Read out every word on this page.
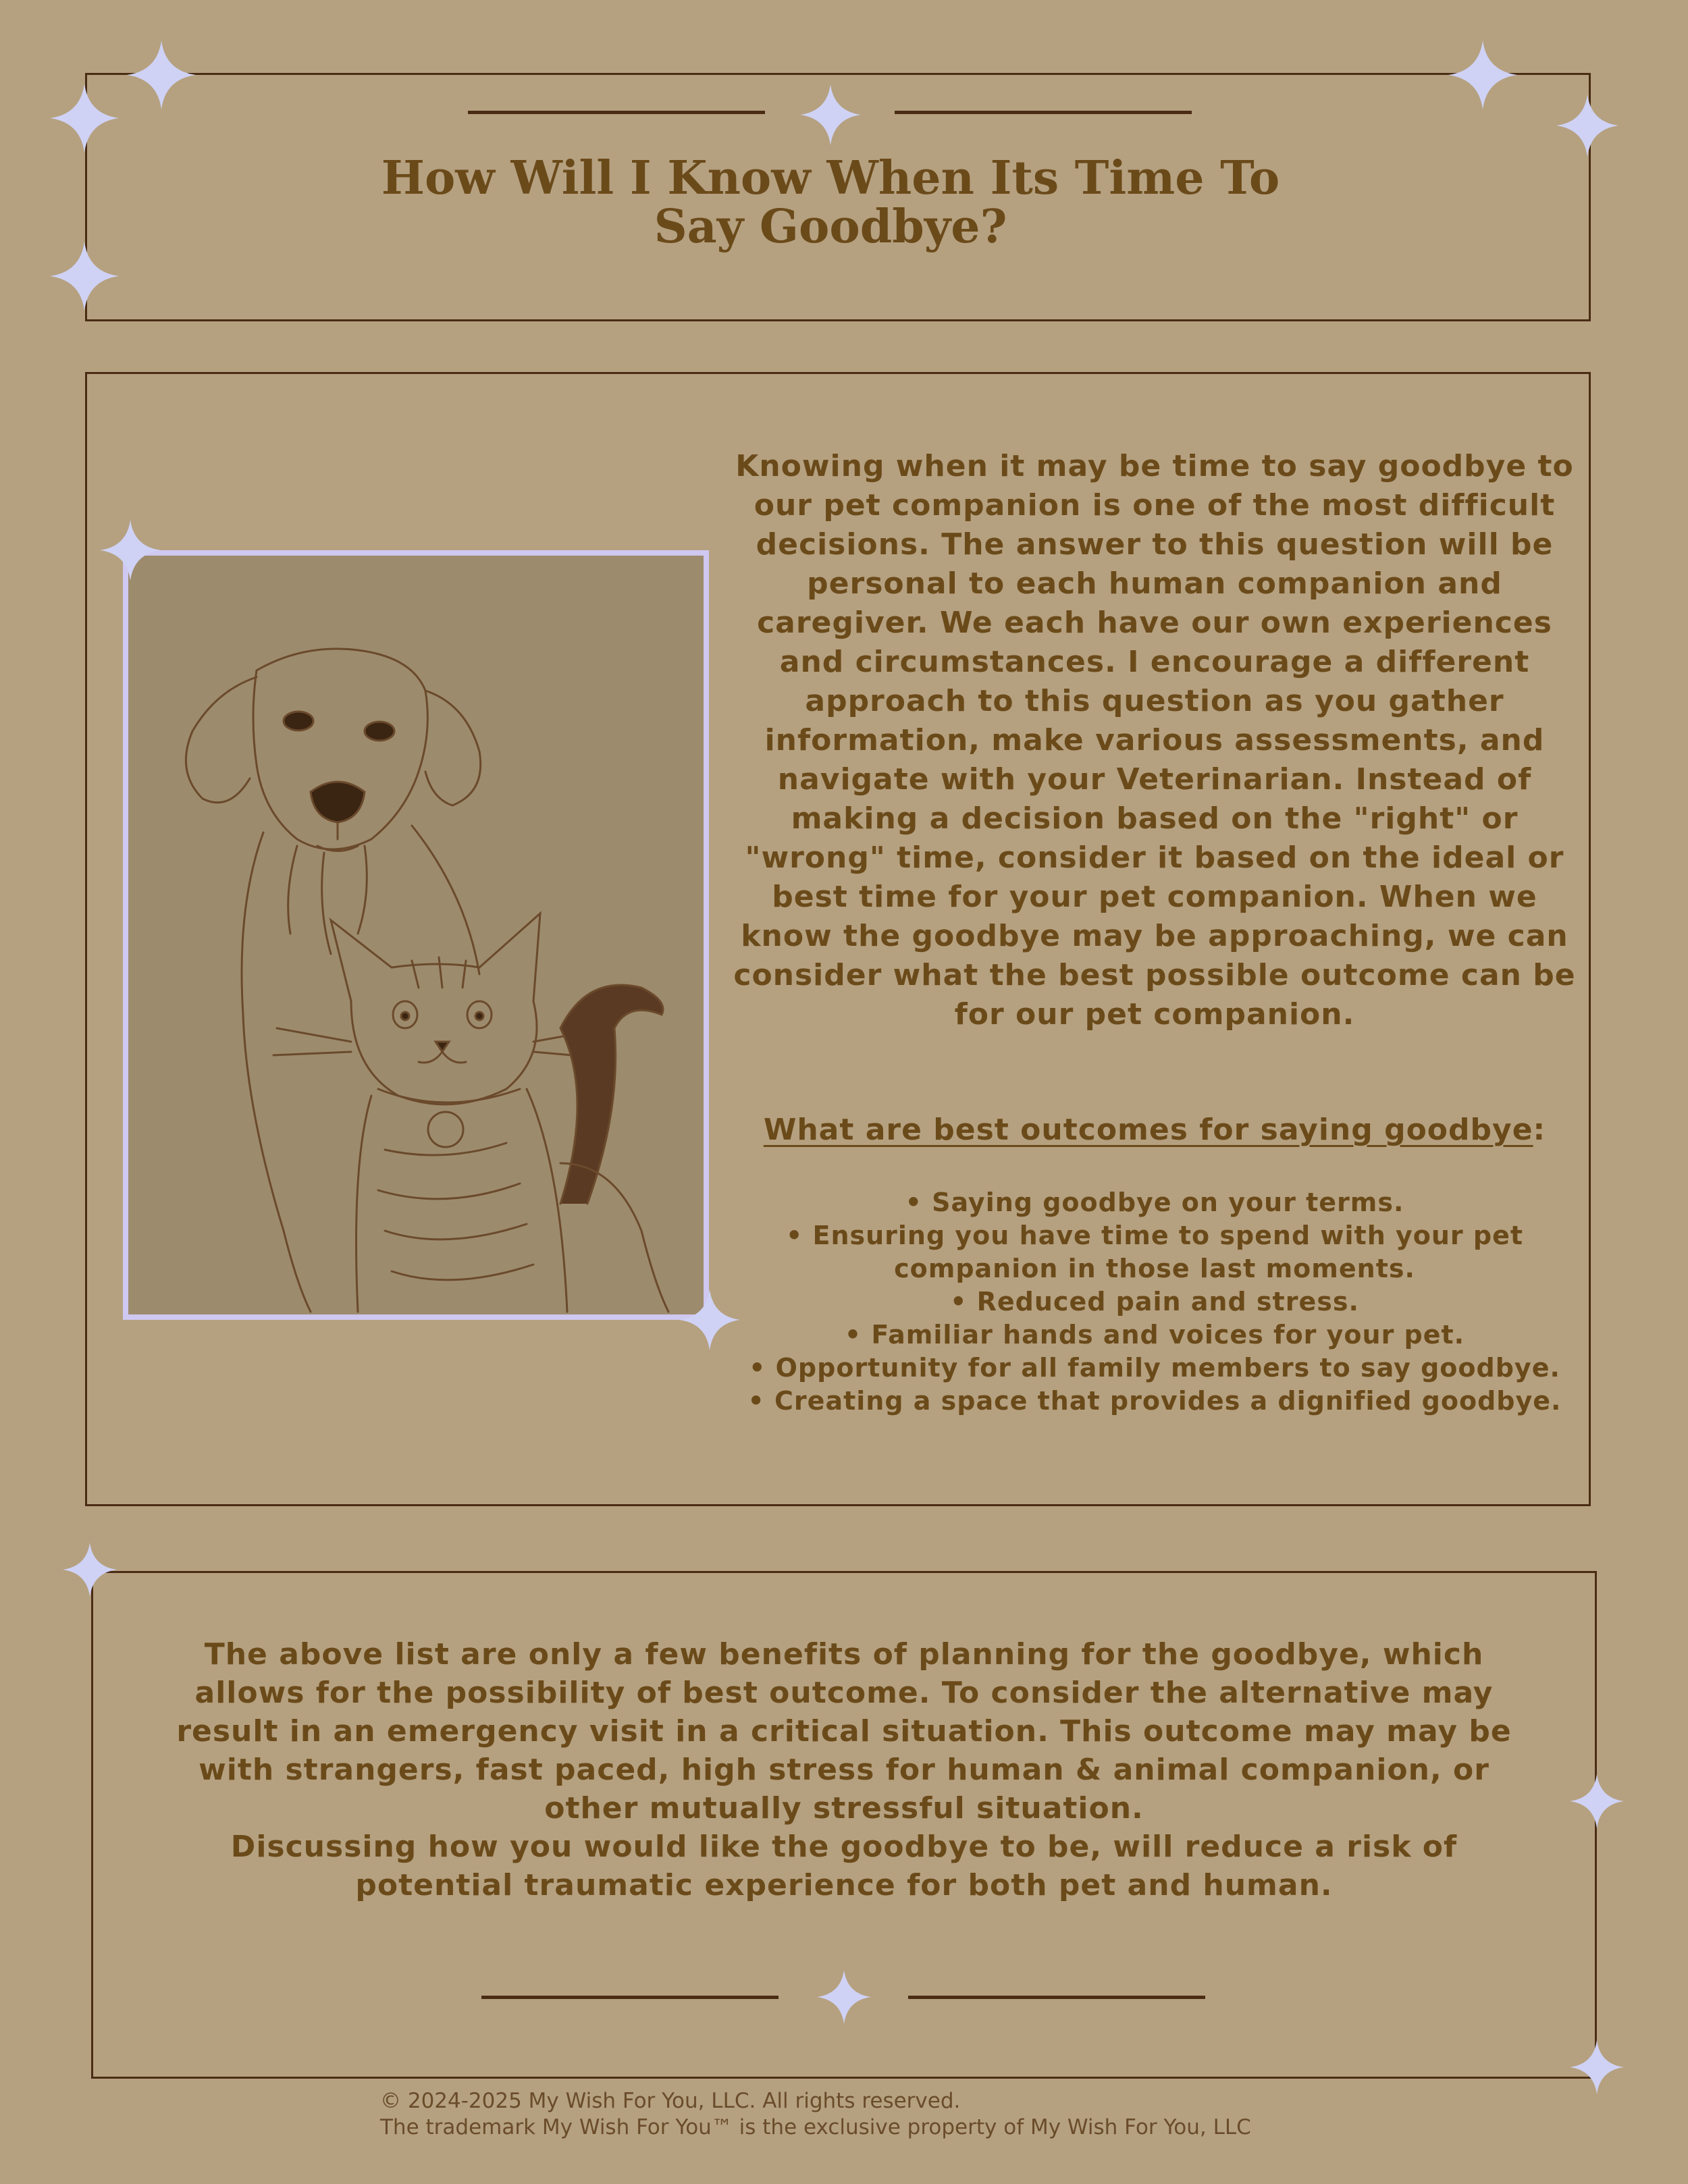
How Will I Know When Its Time To
Say Goodbye?

Knowing when it may be time to say goodbye to our pet companion is one of the most difficult decisions. The answer to this question will be personal to each human companion and caregiver. We each have our own experiences and circumstances. I encourage a different approach to this question as you gather information, make various assessments, and navigate with your Veterinarian. Instead of making a decision based on the "right" or "wrong" time, consider it based on the ideal or best time for your pet companion. When we know the goodbye may be approaching, we can consider what the best possible outcome can be for our pet companion.

What are best outcomes for saying goodbye:

• Saying goodbye on your terms.
• Ensuring you have time to spend with your pet companion in those last moments.
• Reduced pain and stress.
• Familiar hands and voices for your pet.
• Opportunity for all family members to say goodbye.
• Creating a space that provides a dignified goodbye.
The above list are only a few benefits of planning for the goodbye, which allows for the possibility of best outcome. To consider the alternative may result in an emergency visit in a critical situation. This outcome may may be with strangers, fast paced, high stress for human & animal companion, or other mutually stressful situation.
Discussing how you would like the goodbye to be, will reduce a risk of potential traumatic experience for both pet and human.
© 2024-2025 My Wish For You, LLC. All rights reserved.
The trademark My Wish For You™ is the exclusive property of My Wish For You, LLC
